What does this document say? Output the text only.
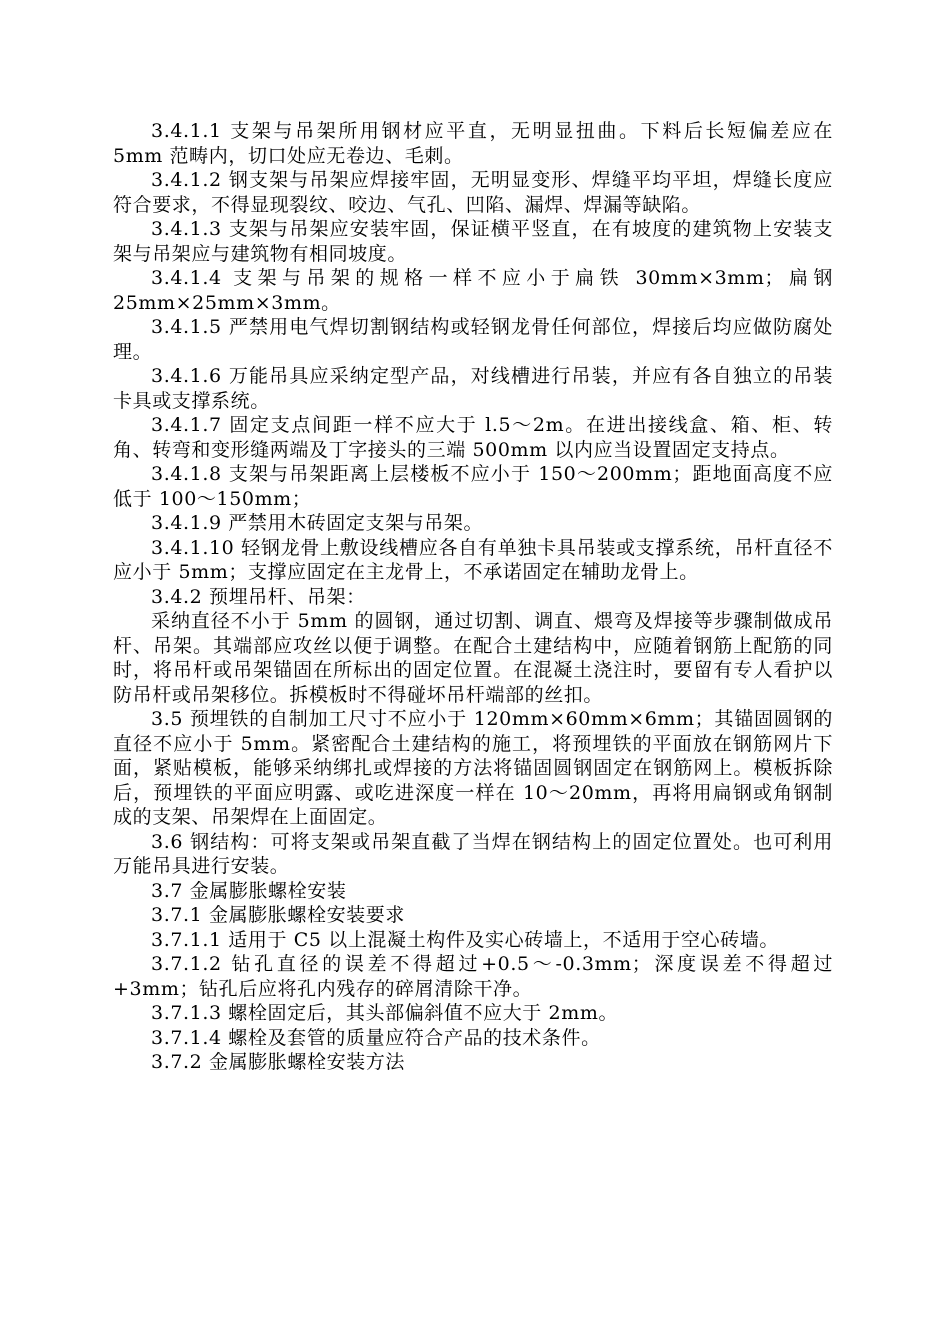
3.4.1.1 支架与吊架所用钢材应平直，无明显扭曲。下料后长短偏差应在 5mm 范畴内，切口处应无卷边、毛刺。

3.4.1.2 钢支架与吊架应焊接牢固，无明显变形、焊缝平均平坦，焊缝长度应符合要求，不得显现裂纹、咬边、气孔、凹陷、漏焊、焊漏等缺陷。

3.4.1.3 支架与吊架应安装牢固，保证横平竖直，在有坡度的建筑物上安装支架与吊架应与建筑物有相同坡度。

3.4.1.4 支架与吊架的规格一样不应小于扁铁 30mm×3mm；扁钢 25mm×25mm×3mm。

3.4.1.5 严禁用电气焊切割钢结构或轻钢龙骨任何部位，焊接后均应做防腐处理。

3.4.1.6 万能吊具应采纳定型产品，对线槽进行吊装，并应有各自独立的吊装卡具或支撑系统。

3.4.1.7 固定支点间距一样不应大于 l.5～2m。在进出接线盒、箱、柜、转角、转弯和变形缝两端及丁字接头的三端 500mm 以内应当设置固定支持点。

3.4.1.8 支架与吊架距离上层楼板不应小于 150～200mm；距地面高度不应低于 100～150mm；

3.4.1.9 严禁用木砖固定支架与吊架。

3.4.1.10 轻钢龙骨上敷设线槽应各自有单独卡具吊装或支撑系统，吊杆直径不应小于 5mm；支撑应固定在主龙骨上，不承诺固定在辅助龙骨上。

3.4.2 预埋吊杆、吊架：

采纳直径不小于 5mm 的圆钢，通过切割、调直、煨弯及焊接等步骤制做成吊杆、吊架。其端部应攻丝以便于调整。在配合土建结构中，应随着钢筋上配筋的同时，将吊杆或吊架锚固在所标出的固定位置。在混凝土浇注时，要留有专人看护以防吊杆或吊架移位。拆模板时不得碰坏吊杆端部的丝扣。

3.5 预埋铁的自制加工尺寸不应小于 120mm×60mm×6mm；其锚固圆钢的直径不应小于 5mm。紧密配合土建结构的施工，将预埋铁的平面放在钢筋网片下面，紧贴模板，能够采纳绑扎或焊接的方法将锚固圆钢固定在钢筋网上。模板拆除后，预埋铁的平面应明露、或吃进深度一样在 10～20mm，再将用扁钢或角钢制成的支架、吊架焊在上面固定。

3.6 钢结构：可将支架或吊架直截了当焊在钢结构上的固定位置处。也可利用万能吊具进行安装。

3.7 金属膨胀螺栓安装

3.7.1 金属膨胀螺栓安装要求

3.7.1.1 适用于 C5 以上混凝土构件及实心砖墙上，不适用于空心砖墙。

3.7.1.2 钻孔直径的误差不得超过+0.5～-0.3mm；深度误差不得超过+3mm；钻孔后应将孔内残存的碎屑清除干净。

3.7.1.3 螺栓固定后，其头部偏斜值不应大于 2mm。

3.7.1.4 螺栓及套管的质量应符合产品的技术条件。

3.7.2 金属膨胀螺栓安装方法
